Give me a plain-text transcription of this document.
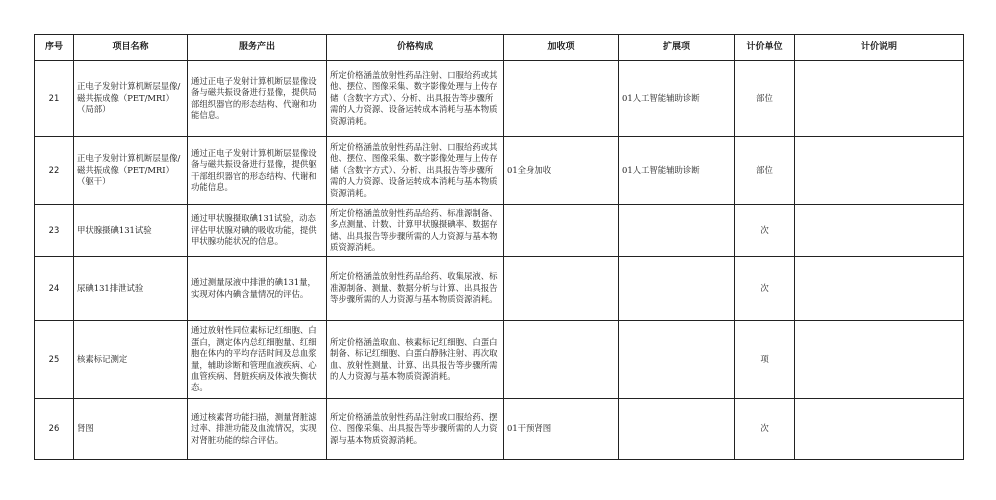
序号	项目名称	服务产出	价格构成	加收项	扩展项	计价单位	计价说明
21	正电子发射计算机断层显像/磁共振成像（PET/MRI）（局部）	通过正电子发射计算机断层显像设备与磁共振设备进行显像，提供局部组织器官的形态结构、代谢和功能信息。	所定价格涵盖放射性药品注射、口服给药或其他、摆位、图像采集、数字影像处理与上传存储（含数字方式）、分析、出具报告等步骤所需的人力资源、设备运转成本消耗与基本物质资源消耗。		01人工智能辅助诊断	部位	
22	正电子发射计算机断层显像/磁共振成像（PET/MRI）（躯干）	通过正电子发射计算机断层显像设备与磁共振设备进行显像，提供躯干部组织器官的形态结构、代谢和功能信息。	所定价格涵盖放射性药品注射、口服给药或其他、摆位、图像采集、数字影像处理与上传存储（含数字方式）、分析、出具报告等步骤所需的人力资源、设备运转成本消耗与基本物质资源消耗。	01全身加收	01人工智能辅助诊断	部位	
23	甲状腺摄碘131试验	通过甲状腺摄取碘131试验，动态评估甲状腺对碘的吸收功能，提供甲状腺功能状况的信息。	所定价格涵盖放射性药品给药、标准源制备、多点测量、计数、计算甲状腺摄碘率、数据存储、出具报告等步骤所需的人力资源与基本物质资源消耗。			次	
24	尿碘131排泄试验	通过测量尿液中排泄的碘131量，实现对体内碘含量情况的评估。	所定价格涵盖放射性药品给药、收集尿液、标准源制备、测量、数据分析与计算、出具报告等步骤所需的人力资源与基本物质资源消耗。			次	
25	核素标记测定	通过放射性同位素标记红细胞、白蛋白，测定体内总红细胞量、红细胞在体内的平均存活时间及总血浆量，辅助诊断和管理血液疾病、心血管疾病、肾脏疾病及体液失衡状态。	所定价格涵盖取血、核素标记红细胞、白蛋白制备、标记红细胞、白蛋白静脉注射、再次取血、放射性测量、计算、出具报告等步骤所需的人力资源与基本物质资源消耗。			项	
26	肾图	通过核素肾功能扫描，测量肾脏滤过率、排泄功能及血流情况，实现对肾脏功能的综合评估。	所定价格涵盖放射性药品注射或口服给药、摆位、图像采集、出具报告等步骤所需的人力资源与基本物质资源消耗。	01干预肾图		次	
